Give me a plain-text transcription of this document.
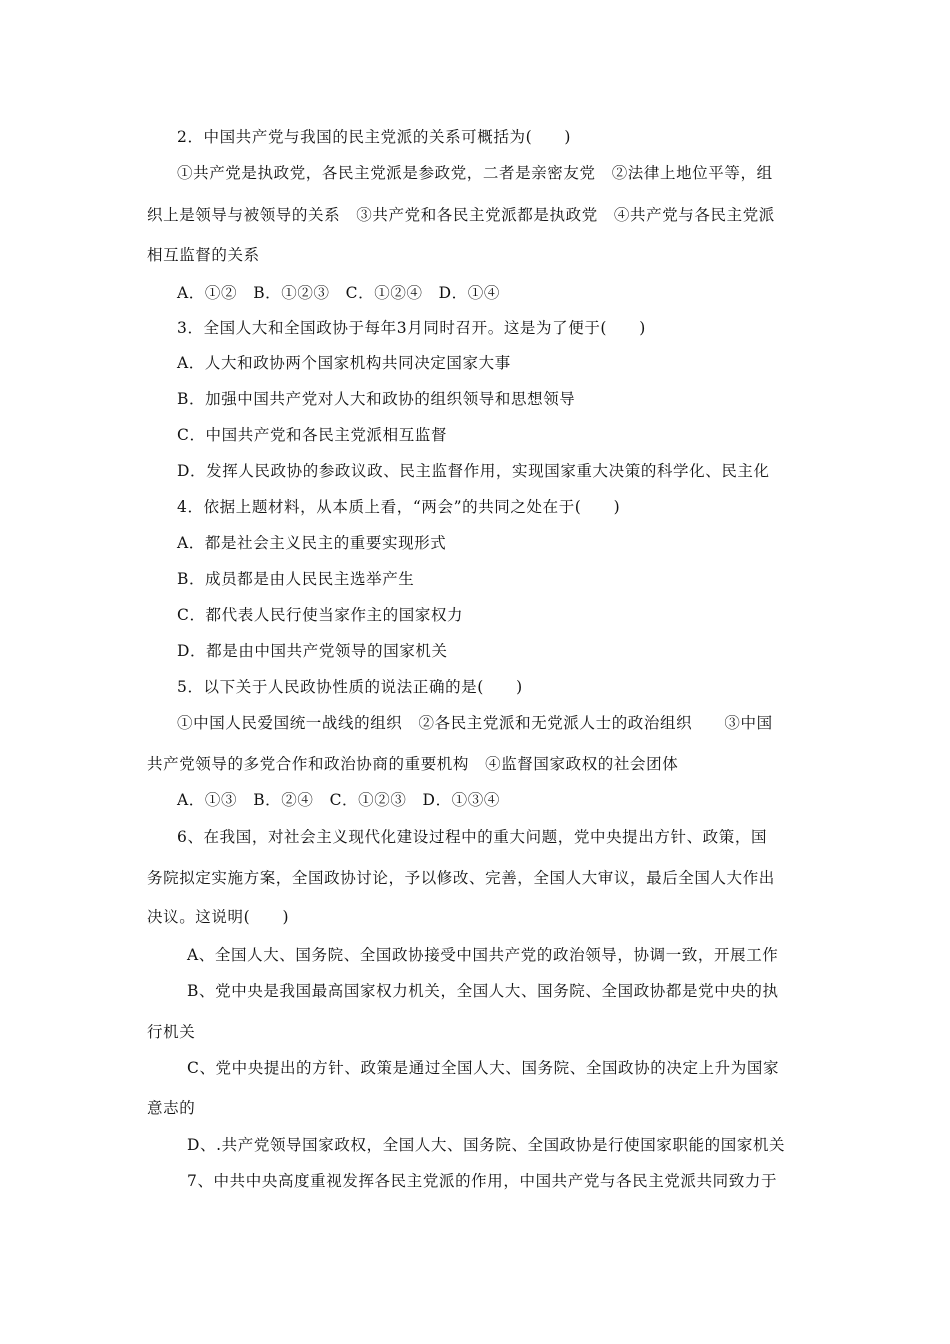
2．中国共产党与我国的民主党派的关系可概括为(　　)
①共产党是执政党，各民主党派是参政党，二者是亲密友党　②法律上地位平等，组
织上是领导与被领导的关系　③共产党和各民主党派都是执政党　④共产党与各民主党派
相互监督的关系
A．①②　B．①②③　C．①②④　D．①④
3．全国人大和全国政协于每年3月同时召开。这是为了便于(　　)
A．人大和政协两个国家机构共同决定国家大事
B．加强中国共产党对人大和政协的组织领导和思想领导
C．中国共产党和各民主党派相互监督
D．发挥人民政协的参政议政、民主监督作用，实现国家重大决策的科学化、民主化
4．依据上题材料，从本质上看，“两会”的共同之处在于(　　)
A．都是社会主义民主的重要实现形式
B．成员都是由人民民主选举产生
C．都代表人民行使当家作主的国家权力
D．都是由中国共产党领导的国家机关
5．以下关于人民政协性质的说法正确的是(　　)
①中国人民爱国统一战线的组织　②各民主党派和无党派人士的政治组织　　③中国
共产党领导的多党合作和政治协商的重要机构　④监督国家政权的社会团体
A．①③　B．②④　C．①②③　D．①③④
6、在我国，对社会主义现代化建设过程中的重大问题，党中央提出方针、政策，国
务院拟定实施方案，全国政协讨论，予以修改、完善，全国人大审议，最后全国人大作出
决议。这说明(　　)
A、全国人大、国务院、全国政协接受中国共产党的政治领导，协调一致，开展工作
B、党中央是我国最高国家权力机关，全国人大、国务院、全国政协都是党中央的执
行机关
C、党中央提出的方针、政策是通过全国人大、国务院、全国政协的决定上升为国家
意志的
D、.共产党领导国家政权，全国人大、国务院、全国政协是行使国家职能的国家机关
7、中共中央高度重视发挥各民主党派的作用，中国共产党与各民主党派共同致力于
